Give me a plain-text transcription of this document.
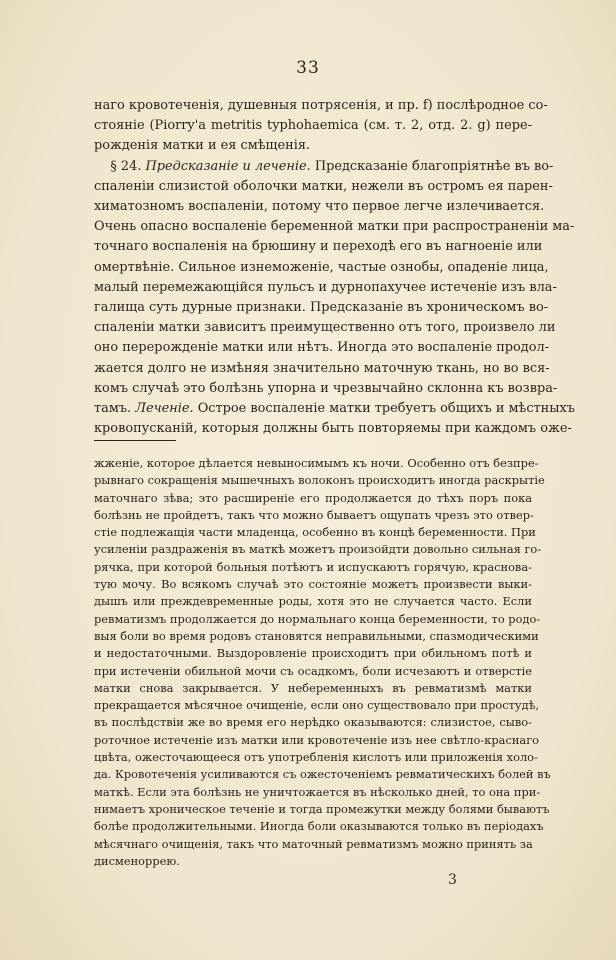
33

наго кровотеченія, душевныя потрясенія, и пр. f) послѣродное со-
стояніе (Piorry'a metritis typhohaemica (см. т. 2, отд. 2. g) пере-
рожденія матки и ея смѣщенія.

§ 24. Предсказаніе и леченіе. Предсказаніе благопріятнѣе въ во-
спаленіи слизистой оболочки матки, нежели въ остромъ ея парен-
химатозномъ воспаленіи, потому что первое легче излечивается.
Очень опасно воспаленіе беременной матки при распространеніи ма-
точнаго воспаленія на брюшину и переходѣ его въ нагноеніе или
омертвѣніе. Сильное изнеможеніе, частые ознобы, опаденіе лица,
малый перемежающійся пульсъ и дурнопахучее истеченіе изъ вла-
галища суть дурные признаки. Предсказаніе въ хроническомъ во-
спаленіи матки зависитъ преимущественно отъ того, произвело ли
оно перерожденіе матки или нѣтъ. Иногда это воспаленіе продол-
жается долго не измѣняя значительно маточную ткань, но во вся-
комъ случаѣ это болѣзнь упорна и чрезвычайно склонна къ возвра-
тамъ. Леченіе. Острое воспаленіе матки требуетъ общихъ и мѣстныхъ
кровопусканій, которыя должны быть повторяемы при каждомъ оже-

жженіе, которое дѣлается невыносимымъ къ ночи. Особенно отъ безпре-
рывнаго сокращенія мышечныхъ волоконъ происходитъ иногда раскрытіе
маточнаго зѣва; это расширеніе его продолжается до тѣхъ поръ пока
болѣзнь не пройдетъ, такъ что можно бываетъ ощупать чрезъ это отвер-
стіе подлежащія части младенца, особенно въ концѣ беременности. При
усиленіи раздраженія въ маткѣ можетъ произойдти довольно сильная го-
рячка, при которой больныя потѣютъ и испускаютъ горячую, краснова-
тую мочу. Во всякомъ случаѣ это состояніе можетъ произвести выки-
дышъ или преждевременные роды, хотя это не случается часто. Если
ревматизмъ продолжается до нормальнаго конца беременности, то родо-
выя боли во время родовъ становятся неправильными, спазмодическими
и недостаточными. Выздоровленіе происходитъ при обильномъ потѣ и
при истеченіи обильной мочи съ осадкомъ, боли исчезаютъ и отверстіе
матки снова закрывается. У небеременныхъ въ ревматизмѣ матки
прекращается мѣсячное очищеніе, если оно существовало при простудѣ,
въ послѣдствіи же во время его нерѣдко оказываются: слизистое, сыво-
роточное истеченіе изъ матки или кровотеченіе изъ нее свѣтло-краснаго
цвѣта, ожесточающееся отъ употребленія кислотъ или приложенія холо-
да. Кровотеченія усиливаются съ ожесточеніемъ ревматическихъ болей въ
маткѣ. Если эта болѣзнь не уничтожается въ нѣсколько дней, то она при-
нимаетъ хроническое теченіе и тогда промежутки между болями бываютъ
болѣе продолжительными. Иногда боли оказываются только въ періодахъ
мѣсячнаго очищенія, такъ что маточный ревматизмъ можно принять за
дисменоррею.

3
